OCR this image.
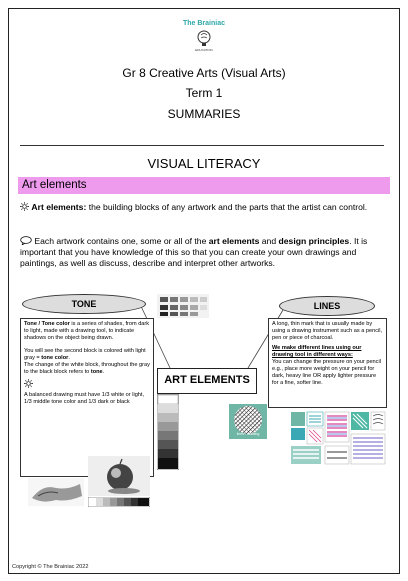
The Brainiac
EDUCATION
Gr 8 Creative Arts (Visual Arts)
Term 1
SUMMARIES
VISUAL LITERACY
Art elements
Art elements: the building blocks of any artwork and the parts that the artist can control.
Each artwork contains one, some or all of the art elements and design principles. It is important that you have knowledge of this so that you can create your own drawings and paintings, as well as discuss, describe and interpret other artworks.
TONE

Tone / Tone color is a series of shades, from dark to light, made with a drawing tool, to indicate shadows on the object being drawn.

You will see the second block is colored with light gray = tone color.

The change of the white block, throughout the gray to the black block refers to tone.

A balanced drawing must have 1/3 white or light, 1/3 middle tone color and 1/3 dark or black

ART ELEMENTS
LINES

A long, thin mark that is usually made by using a drawing instrument such as a pencil, pen or piece of charcoal.

We make different lines using our drawing tool in different ways:

You can change the pressure on your pencil e.g., place more weight on your pencil for dark, heavy line OR apply lighter pressure for a fine, softer line.

lines - drawing
Copyright © The Brainiac 2022
